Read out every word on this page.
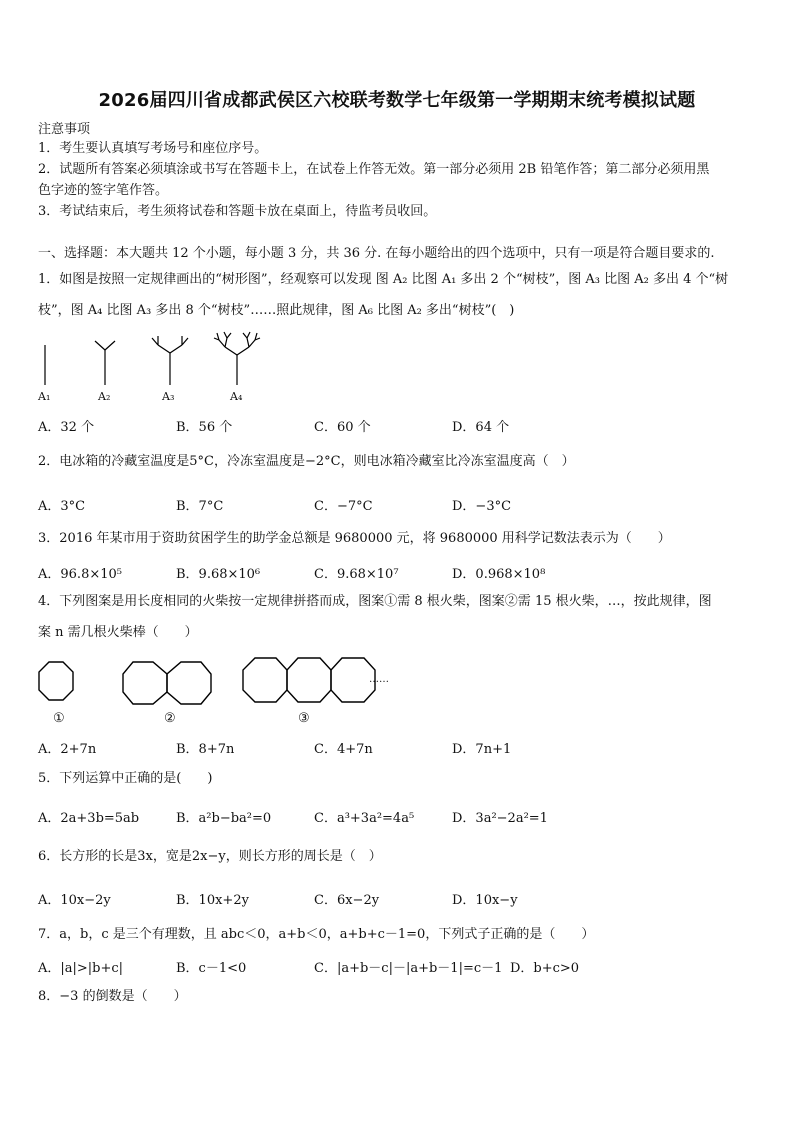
2026届四川省成都武侯区六校联考数学七年级第一学期期末统考模拟试题
注意事项
1．考生要认真填写考场号和座位序号。
2．试题所有答案必须填涂或书写在答题卡上，在试卷上作答无效。第一部分必须用 2B 铅笔作答；第二部分必须用黑
色字迹的签字笔作答。
3．考试结束后，考生须将试卷和答题卡放在桌面上，待监考员收回。
一、选择题：本大题共 12 个小题，每小题 3 分，共 36 分. 在每小题给出的四个选项中，只有一项是符合题目要求的.
1．如图是按照一定规律画出的“树形图”，经观察可以发现 图 A₂ 比图 A₁ 多出 2 个“树枝”，图 A₃ 比图 A₂ 多出 4 个“树
枝”，图 A₄ 比图 A₃ 多出 8 个“树枝”……照此规律，图 A₆ 比图 A₂ 多出“树枝”(　)
A₁	A₂	A₃	A₄
A．32 个	B．56 个	C．60 个	D．64 个
2．电冰箱的冷藏室温度是5°C，冷冻室温度是−2°C，则电冰箱冷藏室比冷冻室温度高（　）
A．3°C	B．7°C	C．−7°C	D．−3°C
3．2016 年某市用于资助贫困学生的助学金总额是 9680000 元，将 9680000 用科学记数法表示为（　　）
A．96.8×10⁵	B．9.68×10⁶	C．9.68×10⁷	D．0.968×10⁸
4．下列图案是用长度相同的火柴按一定规律拼搭而成，图案①需 8 根火柴，图案②需 15 根火柴，…，按此规律，图
案 n 需几根火柴棒（　　）
……
①	②	③
A．2+7n	B．8+7n	C．4+7n	D．7n+1
5．下列运算中正确的是(　　)
A．2a+3b=5ab	B．a²b−ba²=0	C．a³+3a²=4a⁵	D．3a²−2a²=1
6．长方形的长是3x，宽是2x−y，则长方形的周长是（　）
A．10x−2y	B．10x+2y	C．6x−2y	D．10x−y
7．a，b，c 是三个有理数，且 abc＜0，a+b＜0，a+b+c－1=0，下列式子正确的是（　　）
A．|a|>|b+c|	B．c－1<0	C．|a+b－c|－|a+b－1|=c－1 D．b+c>0
8．−3 的倒数是（　　）
